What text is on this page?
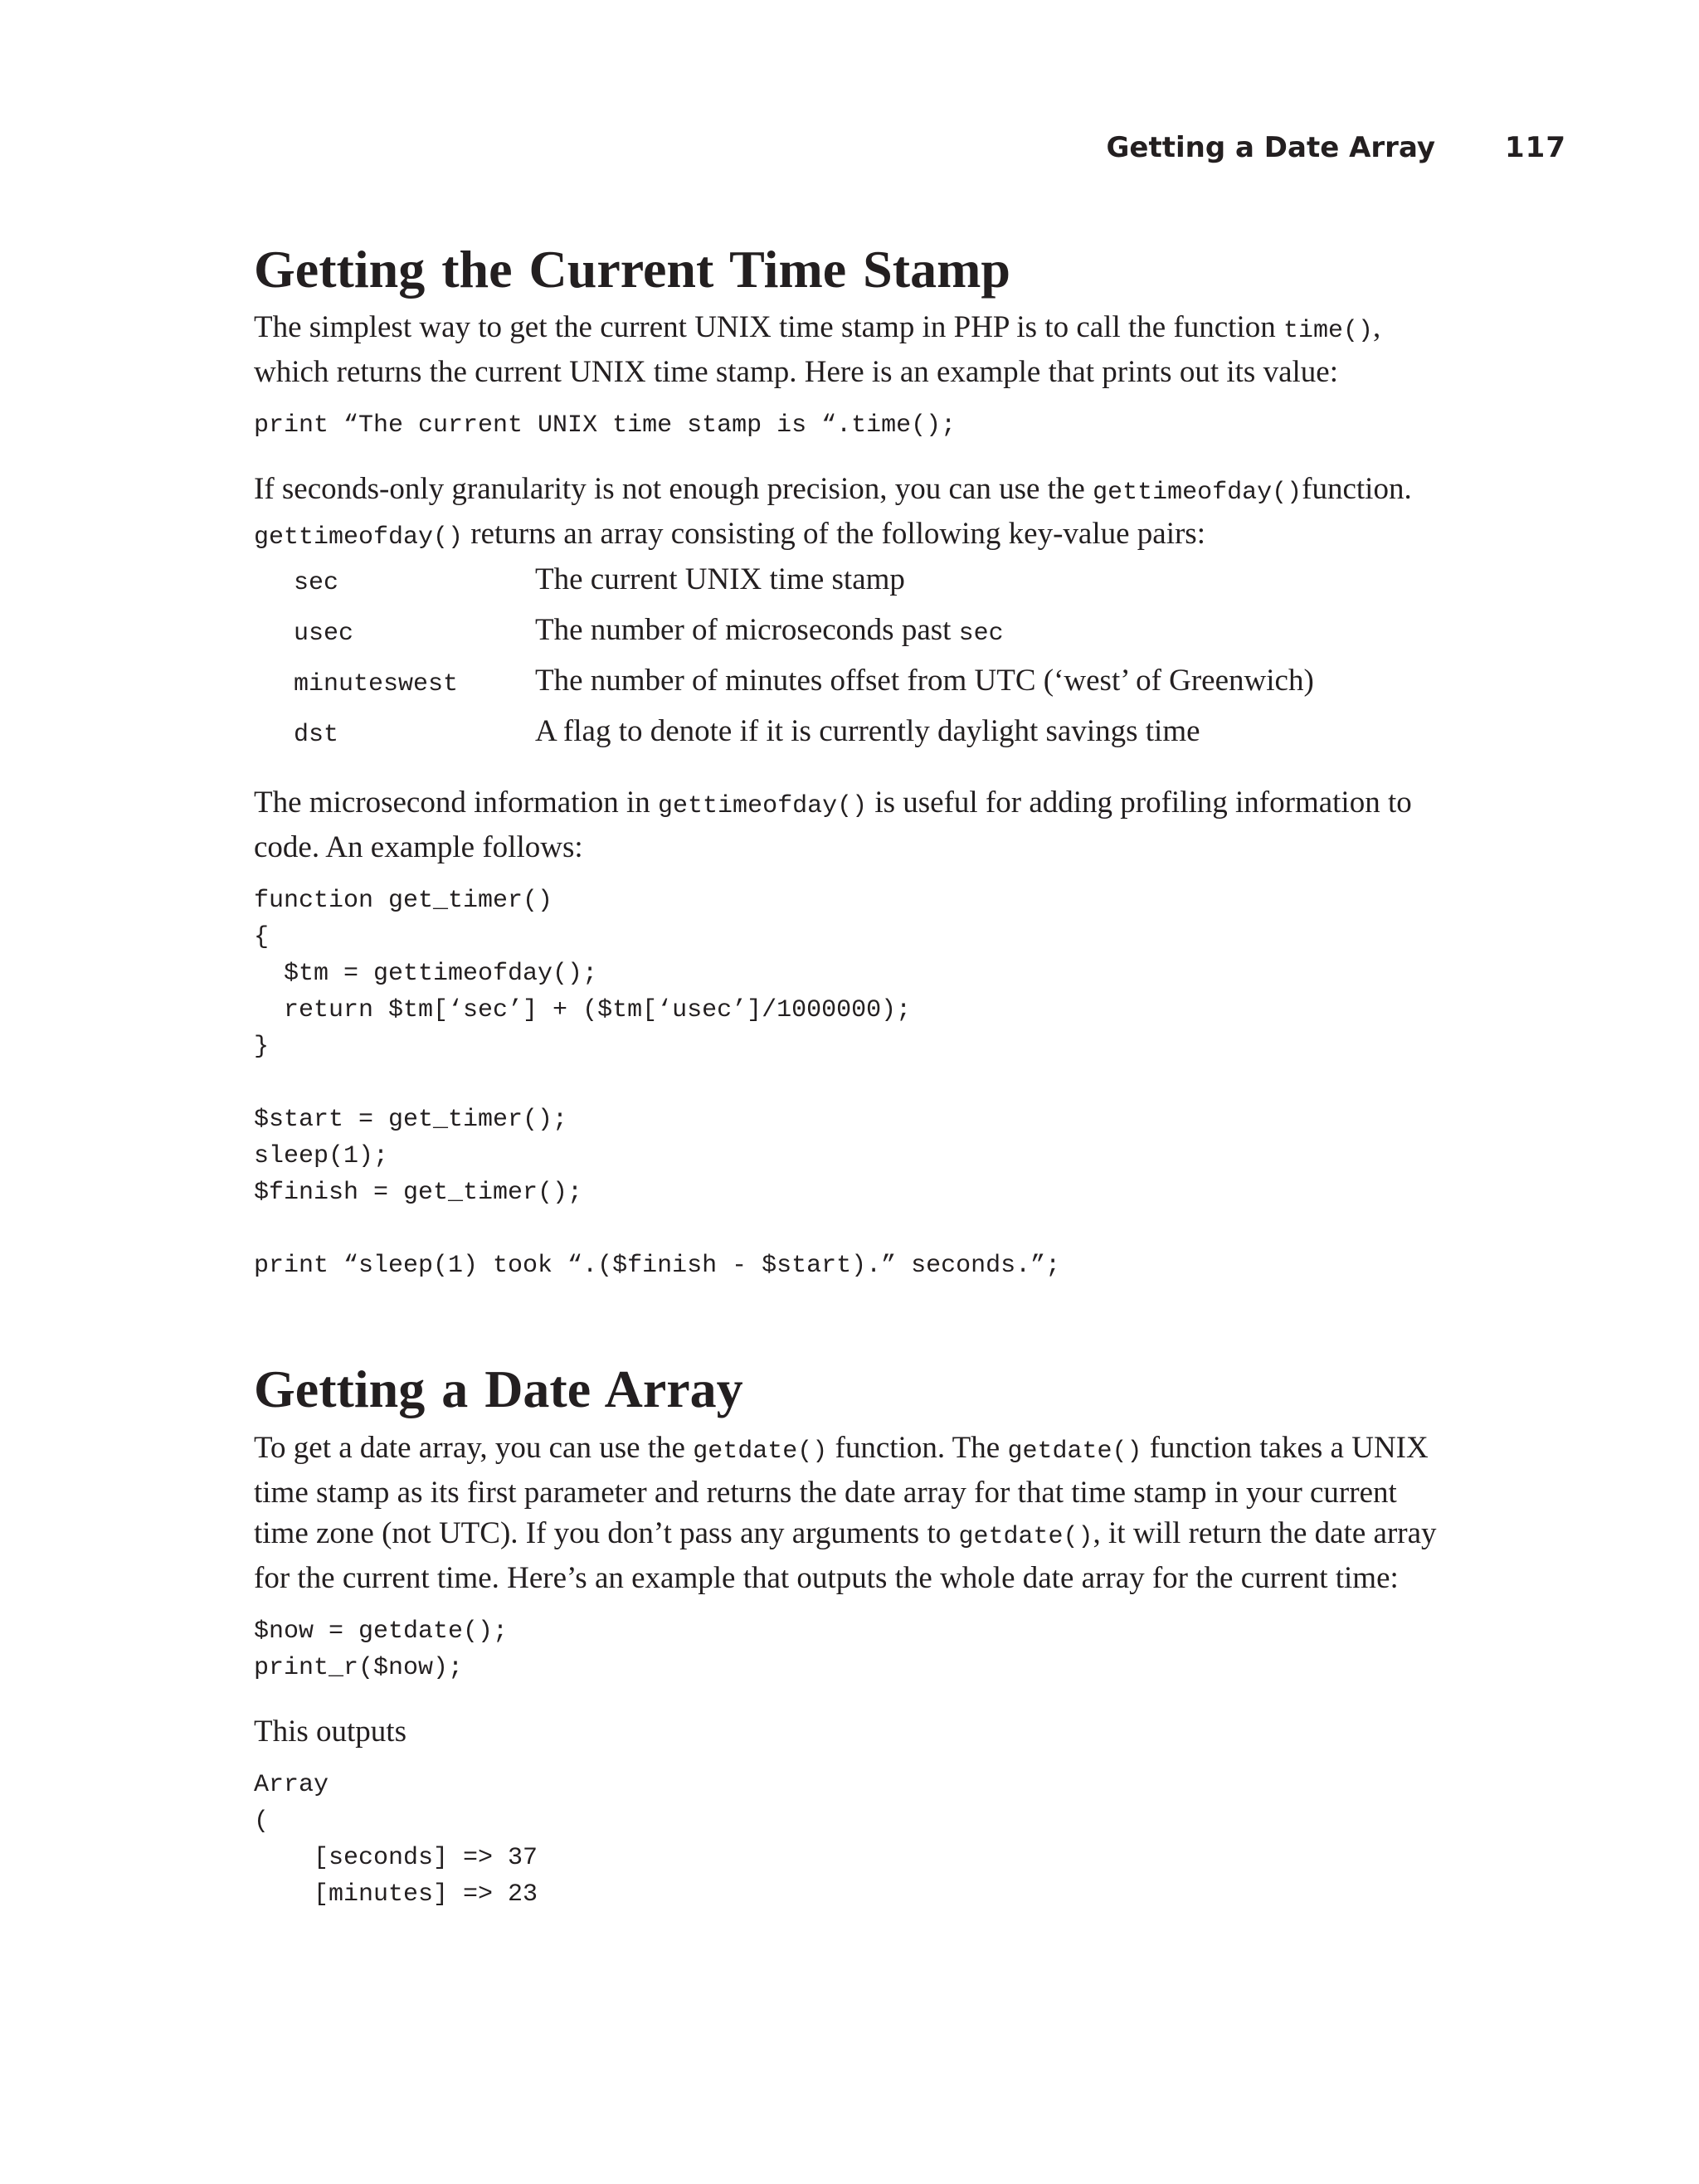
Getting a Date Array 117
Getting the Current Time Stamp

The simplest way to get the current UNIX time stamp in PHP is to call the function time(), which returns the current UNIX time stamp. Here is an example that prints out its value:

print “The current UNIX time stamp is “.time();

If seconds-only granularity is not enough precision, you can use the gettimeofday()function. gettimeofday() returns an array consisting of the following key-value pairs:

sec	The current UNIX time stamp
usec	The number of microseconds past sec
minuteswest	The number of minutes offset from UTC (‘west’ of Greenwich)
dst	A flag to denote if it is currently daylight savings time

The microsecond information in gettimeofday() is useful for adding profiling information to code. An example follows:

function get_timer()
{
$tm = gettimeofday();
return $tm[‘sec’] + ($tm[‘usec’]/1000000);
}

$start = get_timer();
sleep(1);
$finish = get_timer();

print “sleep(1) took “.($finish - $start).” seconds.”;
Getting a Date Array

To get a date array, you can use the getdate() function. The getdate() function takes a UNIX time stamp as its first parameter and returns the date array for that time stamp in your current time zone (not UTC). If you don’t pass any arguments to getdate(), it will return the date array for the current time. Here’s an example that outputs the whole date array for the current time:

$now = getdate();
print_r($now);

This outputs

Array
(
[seconds] => 37
[minutes] => 23
